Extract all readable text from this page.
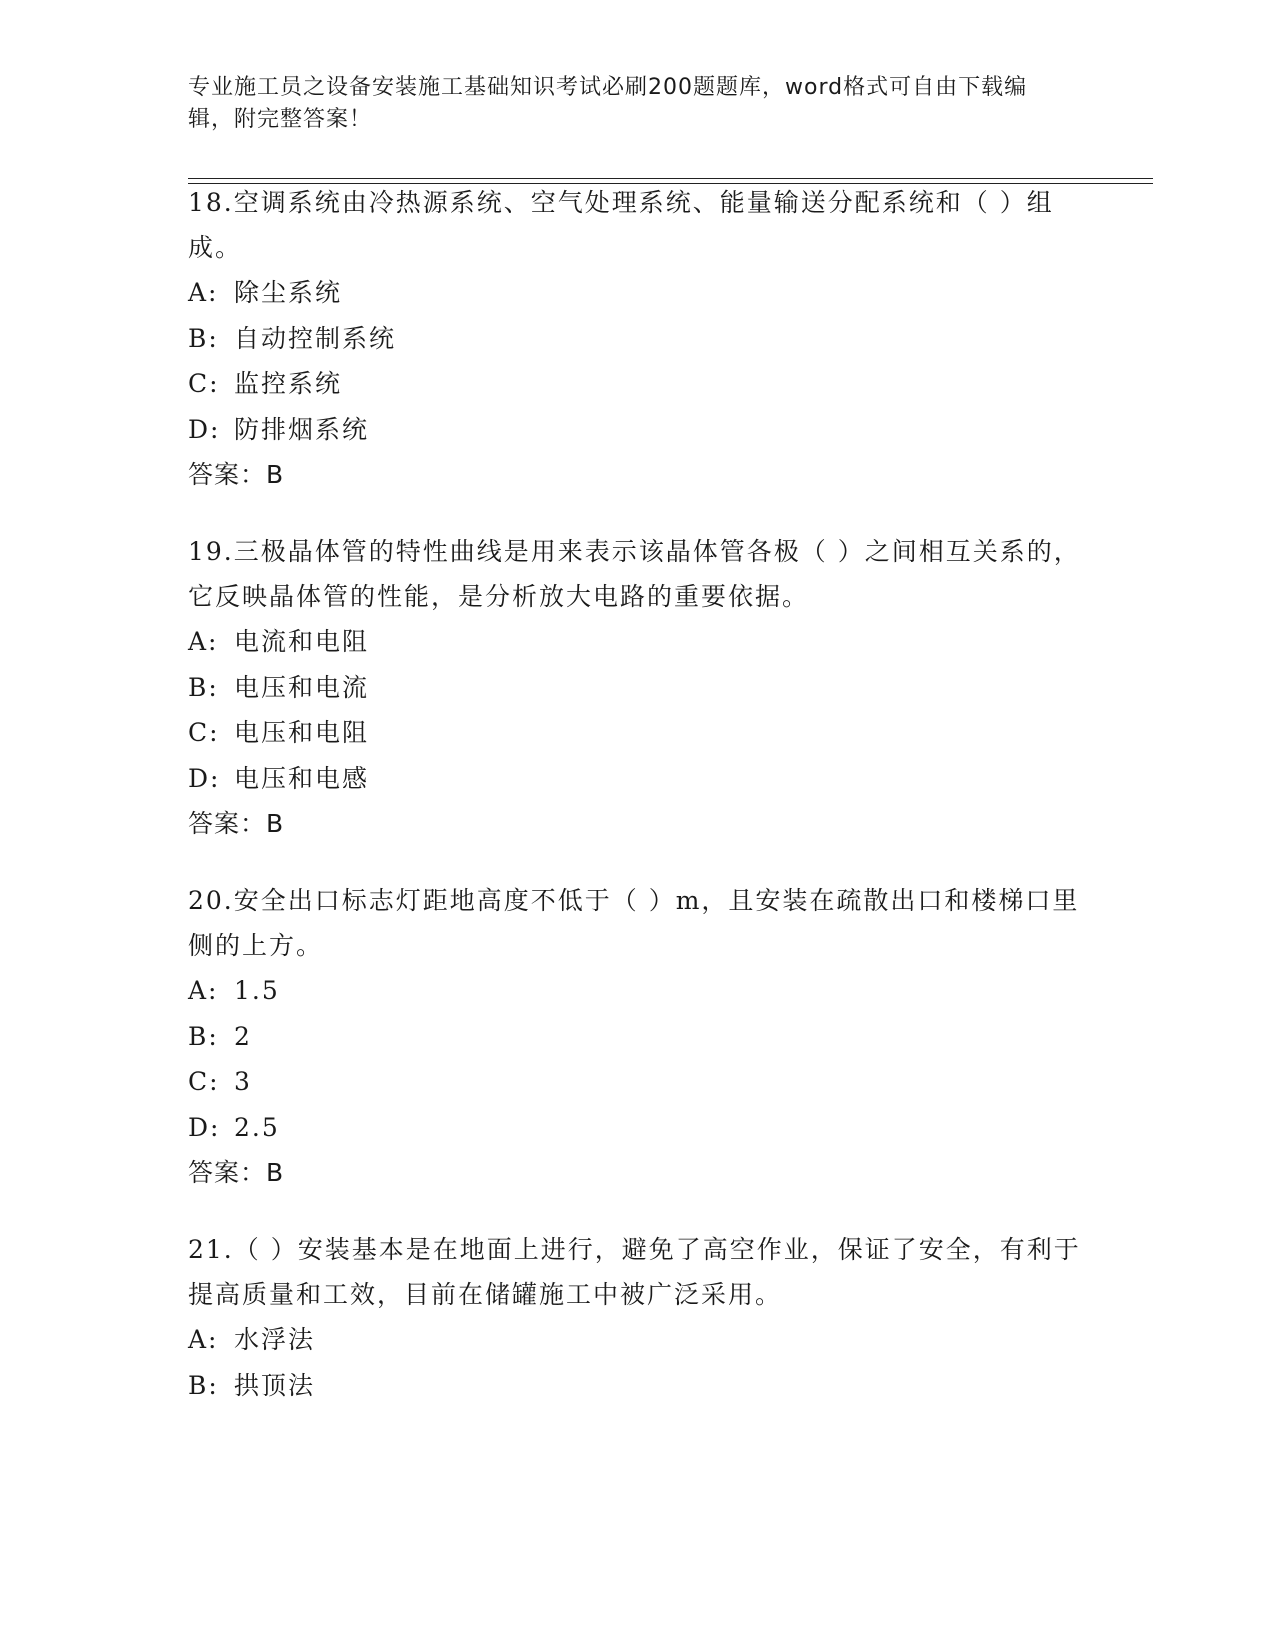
专业施工员之设备安装施工基础知识考试必刷200题题库，word格式可自由下载编辑，附完整答案！

18.空调系统由冷热源系统、空气处理系统、能量输送分配系统和（ ）组成。

A: 除尘系统

B: 自动控制系统

C: 监控系统

D: 防排烟系统

答案：B

19.三极晶体管的特性曲线是用来表示该晶体管各极（ ）之间相互关系的，它反映晶体管的性能，是分析放大电路的重要依据。

A: 电流和电阻

B: 电压和电流

C: 电压和电阻

D: 电压和电感

答案：B

20.安全出口标志灯距地高度不低于（ ）m，且安装在疏散出口和楼梯口里侧的上方。

A: 1.5

B: 2

C: 3

D: 2.5

答案：B

21.（ ）安装基本是在地面上进行，避免了高空作业，保证了安全，有利于提高质量和工效，目前在储罐施工中被广泛采用。

A: 水浮法

B: 拱顶法
